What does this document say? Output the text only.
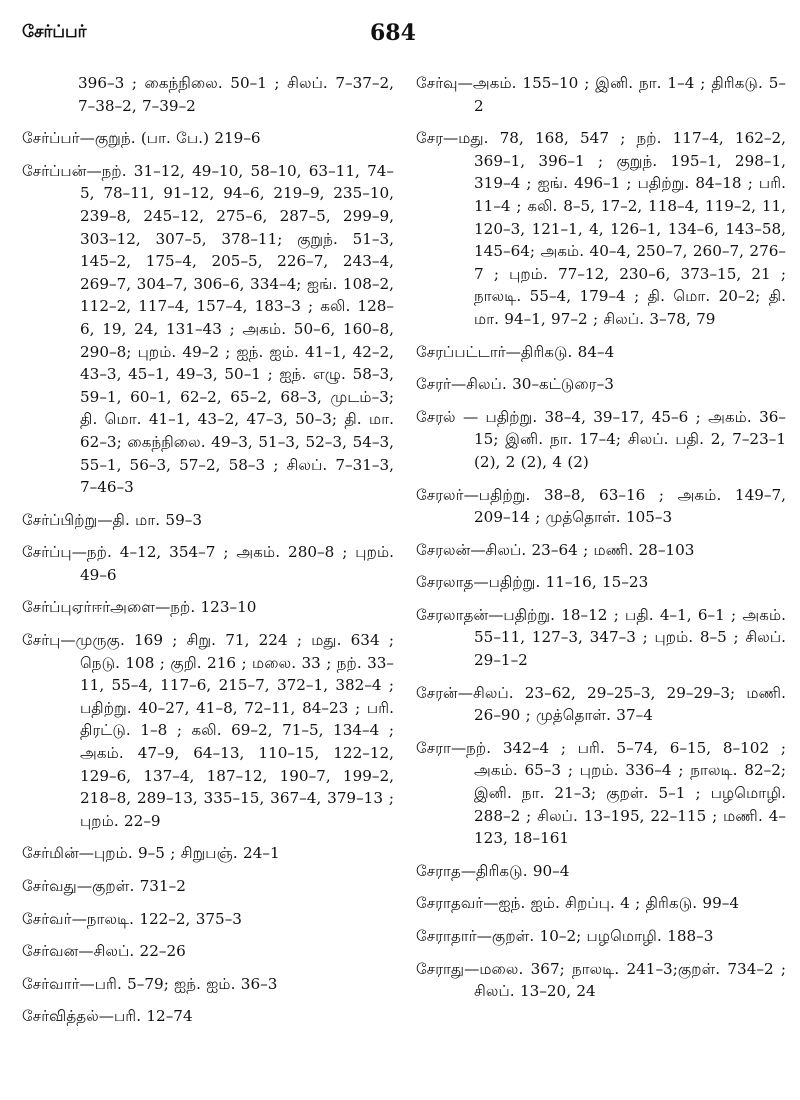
சேர்ப்பர்	684

396–3 ; கைந்நிலை. 50–1 ; சிலப். 7–37–2, 7–38–2, 7–39–2

சேர்ப்பர்—குறுந். (பா. பே.) 219–6

சேர்ப்பன்—நற். 31–12, 49–10, 58–10, 63–11, 74–5, 78–11, 91–12, 94–6, 219–9, 235–10, 239–8, 245–12, 275–6, 287–5, 299–9, 303–12, 307–5, 378–11; குறுந். 51–3, 145–2, 175–4, 205–5, 226–7, 243–4, 269–7, 304–7, 306–6, 334–4; ஐங். 108–2, 112–2, 117–4, 157–4, 183–3 ; கலி. 128–6, 19, 24, 131–43 ; அகம். 50–6, 160–8, 290–8; புறம். 49–2 ; ஐந். ஐம். 41–1, 42–2, 43–3, 45–1, 49–3, 50–1 ; ஐந். எழு. 58–3, 59–1, 60–1, 62–2, 65–2, 68–3, முடம்–3; தி. மொ. 41–1, 43–2, 47–3, 50–3; தி. மா. 62–3; கைந்நிலை. 49–3, 51–3, 52–3, 54–3, 55–1, 56–3, 57–2, 58–3 ; சிலப். 7–31–3, 7–46–3

சேர்ப்பிற்று—தி. மா. 59–3

சேர்ப்பு—நற். 4–12, 354–7 ; அகம். 280–8 ; புறம். 49–6

சேர்ப்புஏர்ஈர்அளை—நற். 123–10

சேர்பு—முருகு. 169 ; சிறு. 71, 224 ; மது. 634 ; நெடு. 108 ; குறி. 216 ; மலை. 33 ; நற். 33–11, 55–4, 117–6, 215–7, 372–1, 382–4 ; பதிற்று. 40–27, 41–8, 72–11, 84–23 ; பரி. திரட்டு. 1–8 ; கலி. 69–2, 71–5, 134–4 ; அகம். 47–9, 64–13, 110–15, 122–12, 129–6, 137–4, 187–12, 190–7, 199–2, 218–8, 289–13, 335–15, 367–4, 379–13 ; புறம். 22–9

சேர்மின்—புறம். 9–5 ; சிறுபஞ். 24–1

சேர்வது—குறள். 731–2

சேர்வர்—நாலடி. 122–2, 375–3

சேர்வன—சிலப். 22–26

சேர்வார்—பரி. 5–79; ஐந். ஐம். 36–3

சேர்வித்தல்—பரி. 12–74

சேர்வு—அகம். 155–10 ; இனி. நா. 1–4 ; திரிகடு. 5–2

சேர—மது. 78, 168, 547 ; நற். 117–4, 162–2, 369–1, 396–1 ; குறுந். 195–1, 298–1, 319–4 ; ஐங். 496–1 ; பதிற்று. 84–18 ; பரி. 11–4 ; கலி. 8–5, 17–2, 118–4, 119–2, 11, 120–3, 121–1, 4, 126–1, 134–6, 143–58, 145–64; அகம். 40–4, 250–7, 260–7, 276–7 ; புறம். 77–12, 230–6, 373–15, 21 ; நாலடி. 55–4, 179–4 ; தி. மொ. 20–2; தி. மா. 94–1, 97–2 ; சிலப். 3–78, 79

சேரப்பட்டார்—திரிகடு. 84–4

சேரர்—சிலப். 30–கட்டுரை–3

சேரல் — பதிற்று. 38–4, 39–17, 45–6 ; அகம். 36–15; இனி. நா. 17–4; சிலப். பதி. 2, 7–23–1 (2), 2 (2), 4 (2)

சேரலர்—பதிற்று. 38–8, 63–16 ; அகம். 149–7, 209–14 ; முத்தொள். 105–3

சேரலன்—சிலப். 23–64 ; மணி. 28–103

சேரலாத—பதிற்று. 11–16, 15–23

சேரலாதன்—பதிற்று. 18–12 ; பதி. 4–1, 6–1 ; அகம். 55–11, 127–3, 347–3 ; புறம். 8–5 ; சிலப். 29–1–2

சேரன்—சிலப். 23–62, 29–25–3, 29–29–3; மணி. 26–90 ; முத்தொள். 37–4

சேரா—நற். 342–4 ; பரி. 5–74, 6–15, 8–102 ; அகம். 65–3 ; புறம். 336–4 ; நாலடி. 82–2; இனி. நா. 21–3; குறள். 5–1 ; பழமொழி. 288–2 ; சிலப். 13–195, 22–115 ; மணி. 4–123, 18–161

சேராத—திரிகடு. 90–4

சேராதவர்—ஐந். ஐம். சிறப்பு. 4 ; திரிகடு. 99–4

சேராதார்—குறள். 10–2; பழமொழி. 188–3

சேராது—மலை. 367; நாலடி. 241–3;குறள். 734–2 ; சிலப். 13–20, 24
